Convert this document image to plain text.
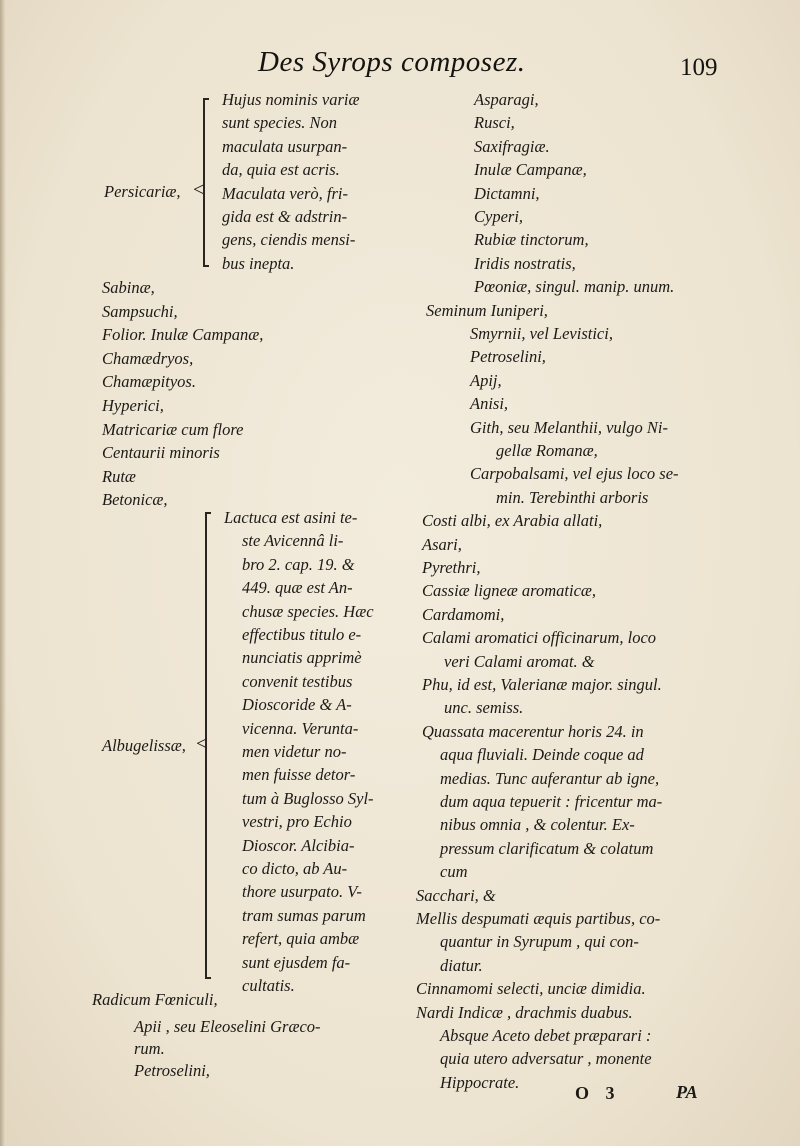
Des Syrops composez.	109
Persicariæ, <
Hujus nominis variæ
sunt species. Non
maculata usurpan-
da, quia est acris.
Maculata verò, fri-
gida est & adstrin-
gens, ciendis mensi-
bus inepta.
Sabinæ,
Sampsuchi,
Folior. Inulæ Campanæ,
Chamædryos,
Chamæpityos.
Hyperici,
Matricariæ cum flore
Centaurii minoris
Rutæ
Betonicæ,
Albugelissæ, <
Lactuca est asini te-
ste Avicennâ li-
bro 2. cap. 19. &
449. quæ est An-
chusæ species. Hæc
effectibus titulo e-
nunciatis apprimè
convenit testibus
Dioscoride & A-
vicenna. Verunta-
men videtur no-
men fuisse detor-
tum à Buglosso Syl-
vestri, pro Echio
Dioscor. Alcibia-
co dicto, ab Au-
thore usurpato. V-
tram sumas parum
refert, quia ambæ
sunt ejusdem fa-
cultatis.
Radicum Fœniculi,
Apii , seu Eleoselini Græco-
rum.
Petroselini,
Asparagi,
Rusci,
Saxifragiæ.
Inulæ Campanæ,
Dictamni,
Cyperi,
Rubiæ tinctorum,
Iridis nostratis,
Pœoniæ, singul. manip. unum.
Seminum Iuniperi,
Smyrnii, vel Levistici,
Petroselini,
Apij,
Anisi,
Gith, seu Melanthii, vulgo Ni-
gellæ Romanæ,
Carpobalsami, vel ejus loco se-
min. Terebinthi arboris
Costi albi, ex Arabia allati,
Asari,
Pyrethri,
Cassiæ ligneæ aromaticæ,
Cardamomi,
Calami aromatici officinarum, loco
veri Calami aromat. &
Phu, id est, Valerianæ major. singul.
unc. semiss.
Quassata macerentur horis 24. in
aqua fluviali. Deinde coque ad
medias. Tunc auferantur ab igne,
dum aqua tepuerit : fricentur ma-
nibus omnia , & colentur. Ex-
pressum clarificatum & colatum
cum
Sacchari, &
Mellis despumati æquis partibus, co-
quantur in Syrupum , qui con-
diatur.
Cinnamomi selecti, unciæ dimidia.
Nardi Indicæ , drachmis duabus.
Absque Aceto debet præparari :
quia utero adversatur , monente
Hippocrate.
O 3	PA
